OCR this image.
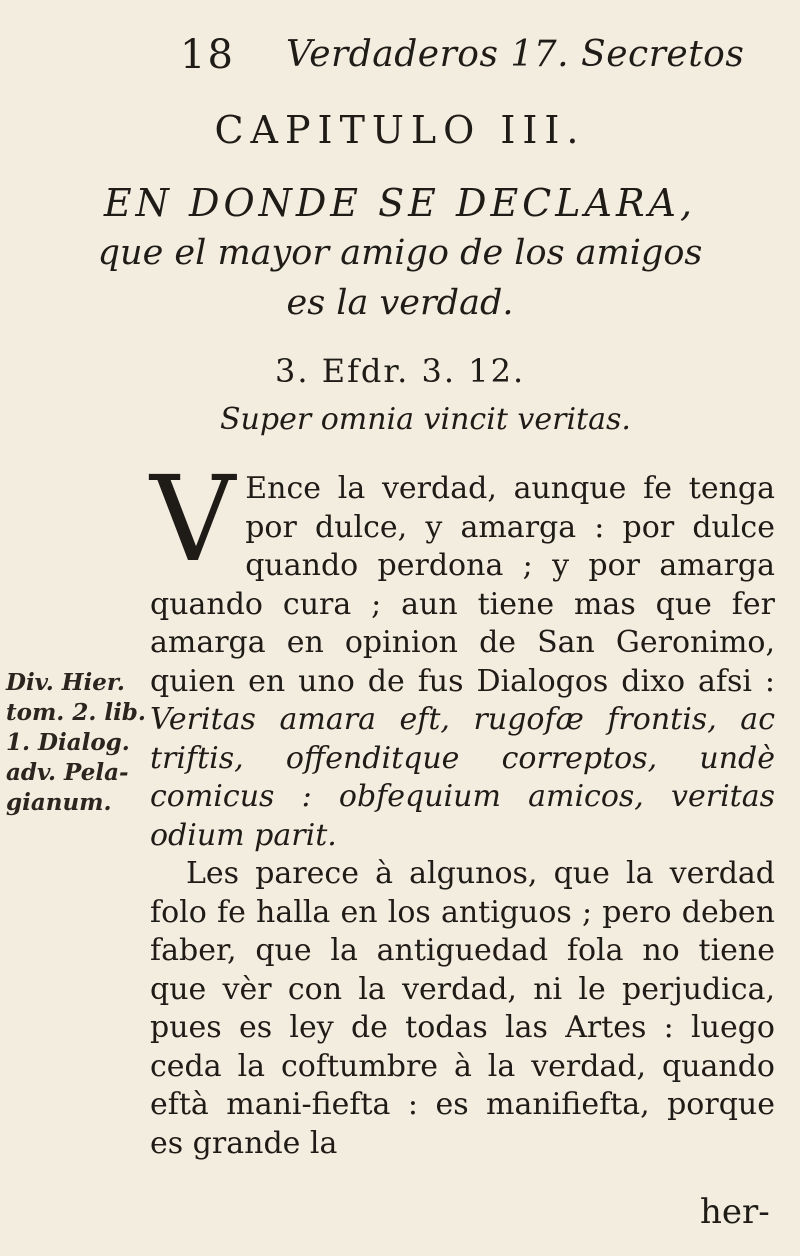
18 Verdaderos 17. Secretos
CAPITULO III.
EN DONDE SE DECLARA,
que el mayor amigo de los amigos
es la verdad.
3. Efdr. 3. 12.
Super omnia vincit veritas.

V Ence la verdad, aunque fe tenga por dulce, y amarga : por dulce quando perdona ; y por amarga quando cura ; aun tiene mas que fer amarga en opinion de San Geronimo, quien en uno de fus Dialogos dixo afsi : Veritas amara eft, rugofæ frontis, ac triftis, offenditque correptos, undè comicus : obfequium amicos, veritas odium parit.

Les parece à algunos, que la verdad folo fe halla en los antiguos ; pero deben faber, que la antiguedad fola no tiene que vèr con la verdad, ni le perjudica, pues es ley de todas las Artes : luego ceda la coftumbre à la verdad, quando eftà mani-fiefta : es manifiefta, porque es grande la

Div. Hier.
tom. 2. lib.
1. Dialog.
adv. Pela-
gianum.
her-
